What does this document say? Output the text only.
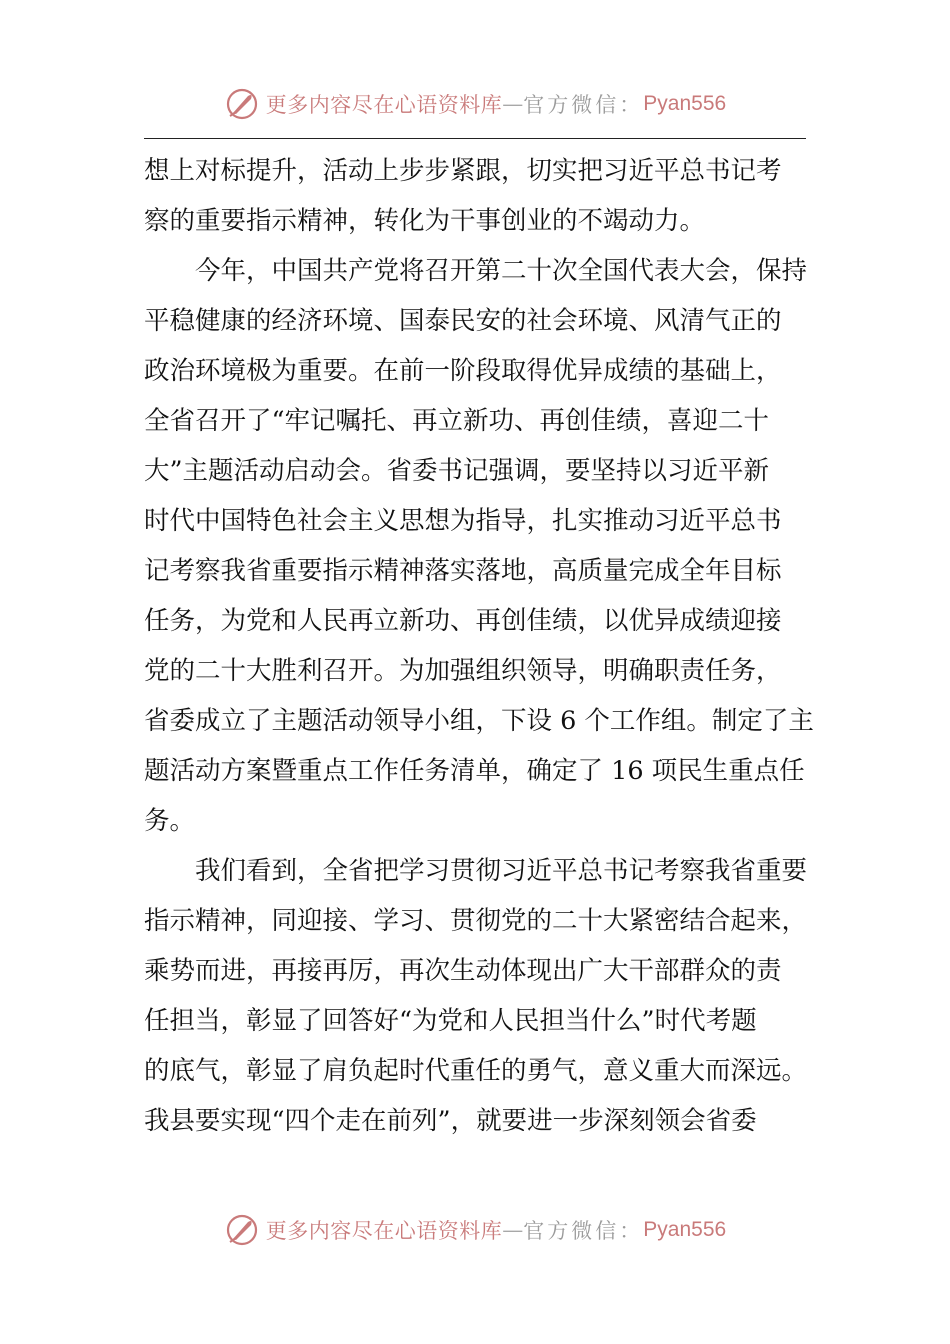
更多内容尽在心语资料库 — 官方微信： Pyan556
想上对标提升，活动上步步紧跟，切实把习近平总书记考
察的重要指示精神，转化为干事创业的不竭动力。
　　今年，中国共产党将召开第二十次全国代表大会，保持
平稳健康的经济环境、国泰民安的社会环境、风清气正的
政治环境极为重要。在前一阶段取得优异成绩的基础上，
全省召开了“牢记嘱托、再立新功、再创佳绩，喜迎二十
大”主题活动启动会。省委书记强调，要坚持以习近平新
时代中国特色社会主义思想为指导，扎实推动习近平总书
记考察我省重要指示精神落实落地，高质量完成全年目标
任务，为党和人民再立新功、再创佳绩，以优异成绩迎接
党的二十大胜利召开。为加强组织领导，明确职责任务，
省委成立了主题活动领导小组，下设 6 个工作组。制定了主
题活动方案暨重点工作任务清单，确定了 16 项民生重点任
务。
　　我们看到，全省把学习贯彻习近平总书记考察我省重要
指示精神，同迎接、学习、贯彻党的二十大紧密结合起来，
乘势而进，再接再厉，再次生动体现出广大干部群众的责
任担当，彰显了回答好“为党和人民担当什么”时代考题
的底气，彰显了肩负起时代重任的勇气，意义重大而深远。
我县要实现“四个走在前列”，就要进一步深刻领会省委
更多内容尽在心语资料库 — 官方微信： Pyan556
